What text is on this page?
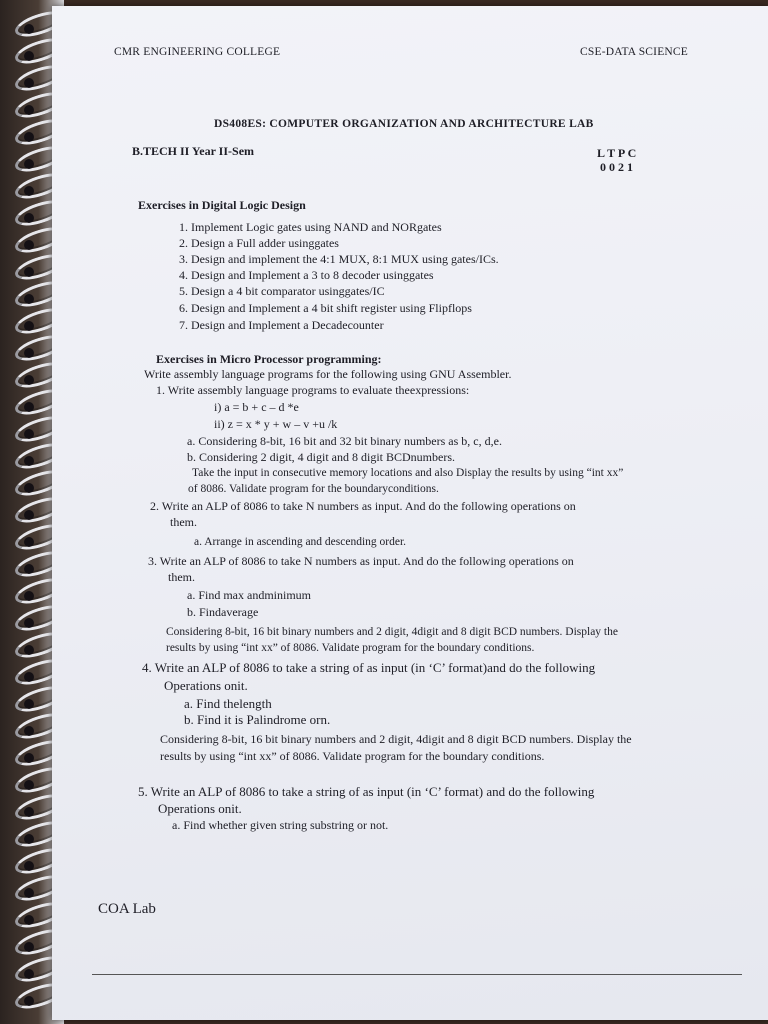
CMR ENGINEERING COLLEGE	CSE-DATA SCIENCE
DS408ES: COMPUTER ORGANIZATION AND ARCHITECTURE LAB
B.TECH II Year II-Sem	L T P C
0 0 2 1
Exercises in Digital Logic Design
1. Implement Logic gates using NAND and NORgates
2. Design a Full adder usinggates
3. Design and implement the 4:1 MUX, 8:1 MUX using gates/ICs.
4. Design and Implement a 3 to 8 decoder usinggates
5. Design a 4 bit comparator usinggates/IC
6. Design and Implement a 4 bit shift register using Flipflops
7. Design and Implement a Decadecounter
Exercises in Micro Processor programming:
Write assembly language programs for the following using GNU Assembler.
1. Write assembly language programs to evaluate theexpressions:
i) a = b + c – d *e
ii) z = x * y + w – v +u /k
a. Considering 8-bit, 16 bit and 32 bit binary numbers as b, c, d,e.
b. Considering 2 digit, 4 digit and 8 digit BCDnumbers.
Take the input in consecutive memory locations and also Display the results by using “int xx”
of 8086. Validate program for the boundaryconditions.
2. Write an ALP of 8086 to take N numbers as input. And do the following operations on
them.
a. Arrange in ascending and descending order.
3. Write an ALP of 8086 to take N numbers as input. And do the following operations on
them.
a. Find max andminimum
b. Findaverage
Considering 8-bit, 16 bit binary numbers and 2 digit, 4digit and 8 digit BCD numbers. Display the
results by using “int xx” of 8086. Validate program for the boundary conditions.
4. Write an ALP of 8086 to take a string of as input (in ‘C’ format)and do the following
Operations onit.
a. Find thelength
b. Find it is Palindrome orn.
Considering 8-bit, 16 bit binary numbers and 2 digit, 4digit and 8 digit BCD numbers. Display the
results by using “int xx” of 8086. Validate program for the boundary conditions.
5. Write an ALP of 8086 to take a string of as input (in ‘C’ format) and do the following
Operations onit.
a. Find whether given string substring or not.
COA Lab
